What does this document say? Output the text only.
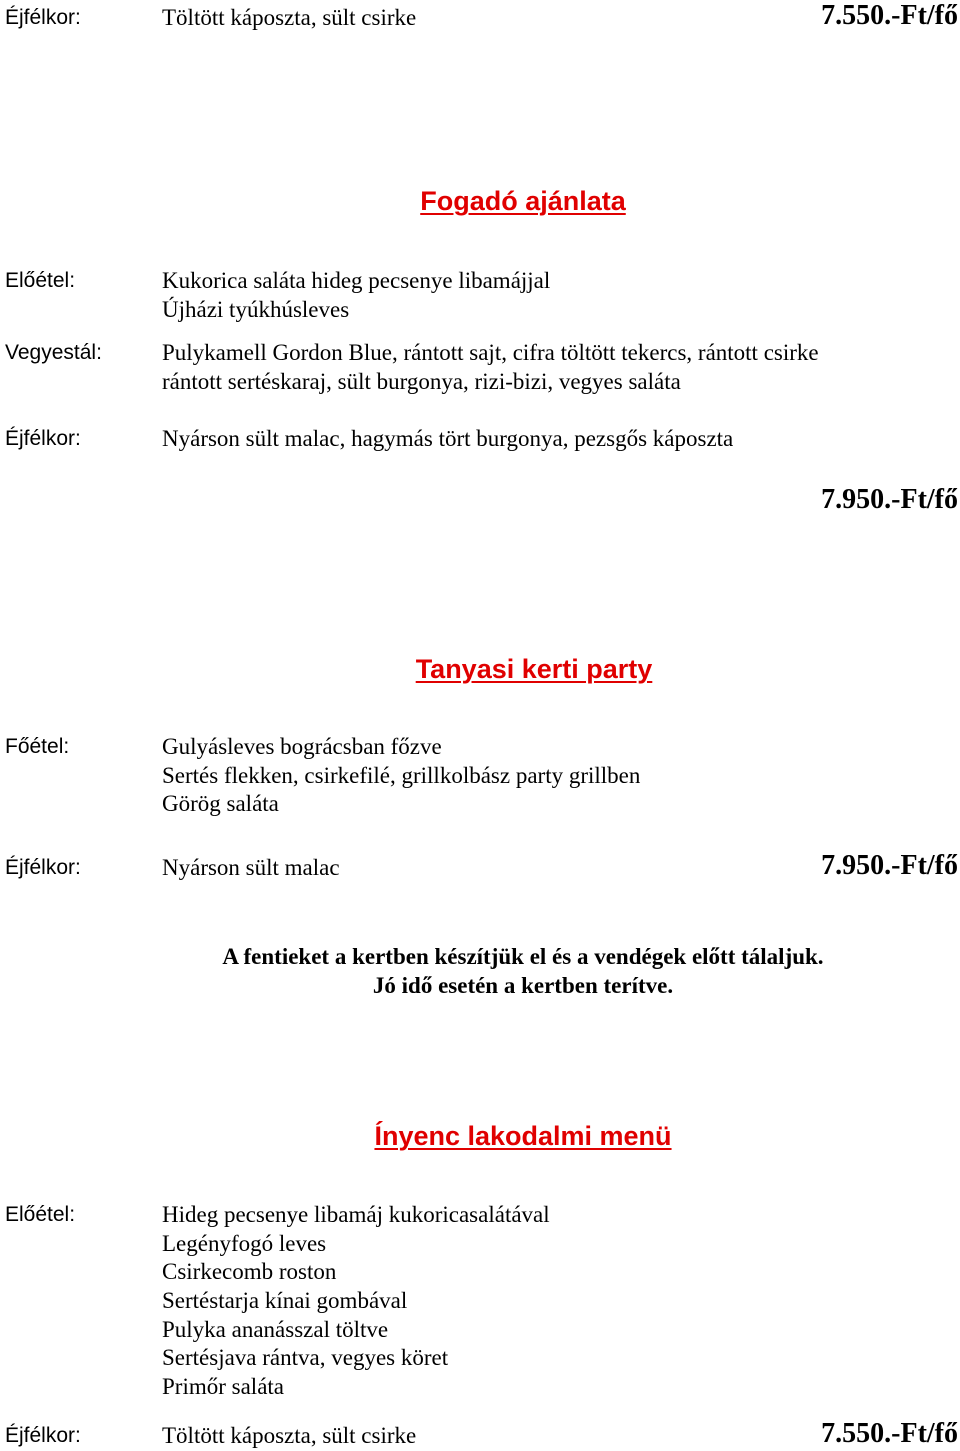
Éjfélkor:	Töltött káposzta, sült csirke	7.550.-Ft/fő
Fogadó ajánlata
Előétel:	Kukorica saláta hideg pecsenye libamájjal
Újházi tyúkhúsleves
Vegyestál:	Pulykamell Gordon Blue, rántott sajt, cifra töltött tekercs, rántott csirke
rántott sertéskaraj, sült burgonya, rizi-bizi, vegyes saláta
Éjfélkor:	Nyárson sült malac, hagymás tört burgonya, pezsgős káposzta
7.950.-Ft/fő
Tanyasi kerti party
Főétel:	Gulyásleves bográcsban főzve
Sertés flekken, csirkefilé, grillkolbász party grillben
Görög saláta
Éjfélkor:	Nyárson sült malac	7.950.-Ft/fő
A fentieket a kertben készítjük el és a vendégek előtt tálaljuk.
Jó idő esetén a kertben terítve.
Ínyenc lakodalmi menü
Előétel:	Hideg pecsenye libamáj kukoricasalátával
Legényfogó leves
Csirkecomb roston
Sertéstarja kínai gombával
Pulyka ananásszal töltve
Sertésjava rántva, vegyes köret
Primőr saláta
Éjfélkor:	Töltött káposzta, sült csirke	7.550.-Ft/fő
